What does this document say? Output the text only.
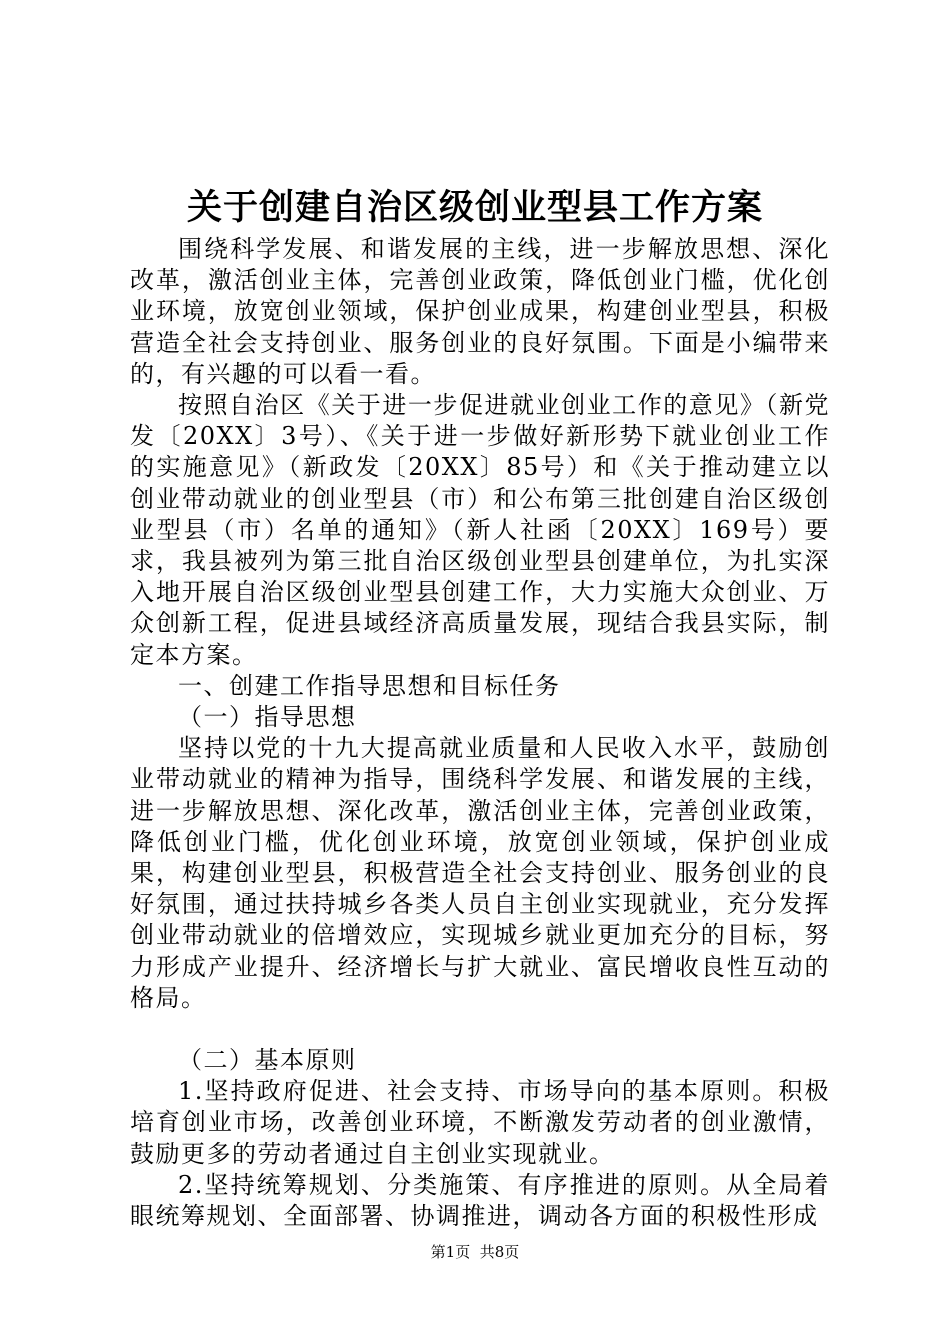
关于创建自治区级创业型县工作方案

围绕科学发展、和谐发展的主线，进一步解放思想、深化改革，激活创业主体，完善创业政策，降低创业门槛，优化创业环境，放宽创业领域，保护创业成果，构建创业型县，积极营造全社会支持创业、服务创业的良好氛围。下面是小编带来的，有兴趣的可以看一看。

按照自治区《关于进一步促进就业创业工作的意见》（新党发〔20XX〕3号）、《关于进一步做好新形势下就业创业工作的实施意见》（新政发〔20XX〕85号）和《关于推动建立以创业带动就业的创业型县（市）和公布第三批创建自治区级创业型县（市）名单的通知》（新人社函〔20XX〕169号）要求，我县被列为第三批自治区级创业型县创建单位，为扎实深入地开展自治区级创业型县创建工作，大力实施大众创业、万众创新工程，促进县域经济高质量发展，现结合我县实际，制定本方案。

一、创建工作指导思想和目标任务

（一）指导思想

坚持以党的十九大提高就业质量和人民收入水平，鼓励创业带动就业的精神为指导，围绕科学发展、和谐发展的主线，进一步解放思想、深化改革，激活创业主体，完善创业政策，降低创业门槛，优化创业环境，放宽创业领域，保护创业成果，构建创业型县，积极营造全社会支持创业、服务创业的良好氛围，通过扶持城乡各类人员自主创业实现就业，充分发挥创业带动就业的倍增效应，实现城乡就业更加充分的目标，努力形成产业提升、经济增长与扩大就业、富民增收良性互动的格局。

（二）基本原则

1.坚持政府促进、社会支持、市场导向的基本原则。积极培育创业市场，改善创业环境，不断激发劳动者的创业激情，鼓励更多的劳动者通过自主创业实现就业。

2.坚持统筹规划、分类施策、有序推进的原则。从全局着眼统筹规划、全面部署、协调推进，调动各方面的积极性形成

第1页 共8页
